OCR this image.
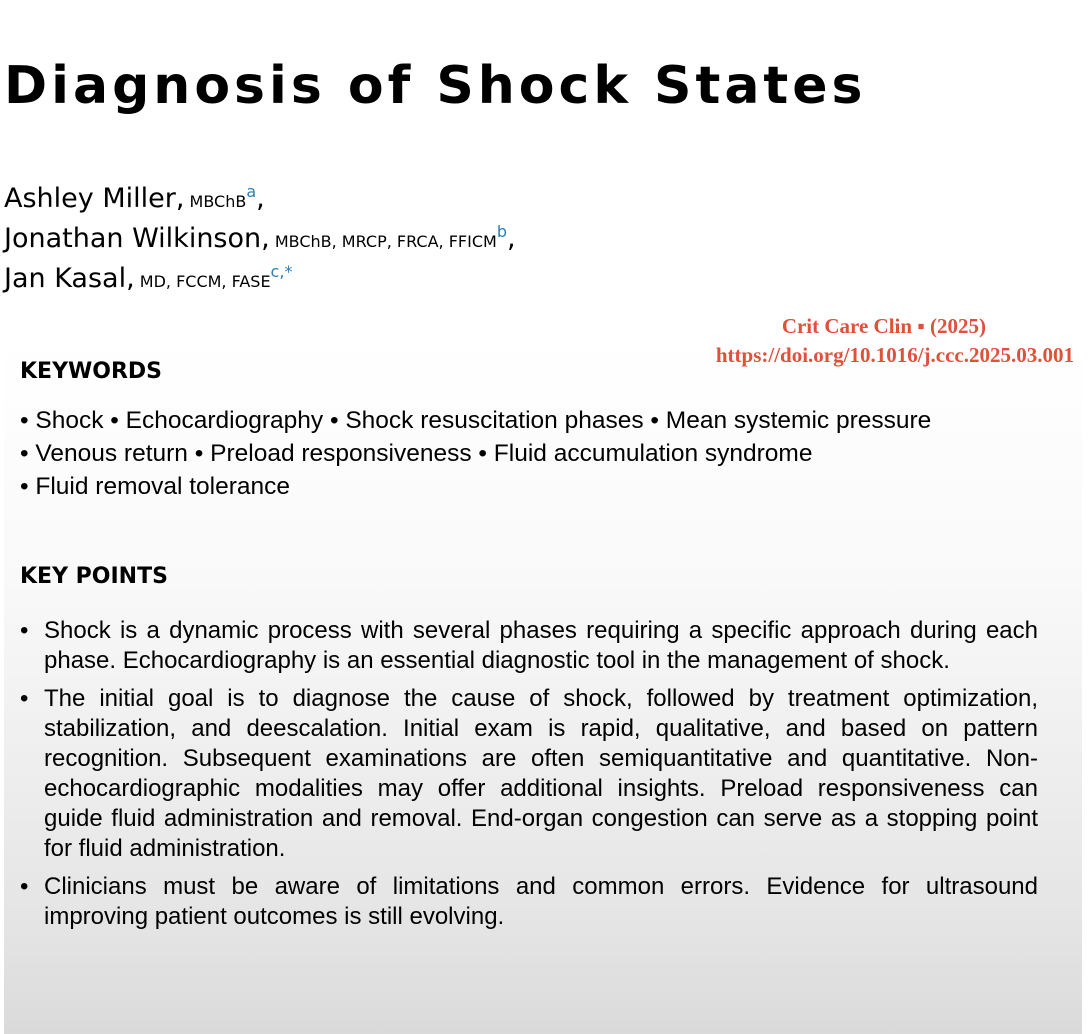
Diagnosis of Shock States
Ashley Miller, MBChB$^a$,
Jonathan Wilkinson, MBChB, MRCP, FRCA, FFICM$^b$,
Jan Kasal, MD, FCCM, $FASE^{c,*}$
Crit Care Clin ▪ (2025)
https://doi.org/10.1016/j.ccc.2025.03.001
KEYWORDS
• Shock • Echocardiography • Shock resuscitation phases • Mean systemic pressure
• Venous return • Preload responsiveness • Fluid accumulation syndrome
• Fluid removal tolerance
KEY POINTS
• Shock is a dynamic process with several phases requiring a specific approach during each phase. Echocardiography is an essential diagnostic tool in the management of shock.
• The initial goal is to diagnose the cause of shock, followed by treatment optimization, stabilization, and deescalation. Initial exam is rapid, qualitative, and based on pattern recognition. Subsequent examinations are often semiquantitative and quantitative. Non-echocardiographic modalities may offer additional insights. Preload responsiveness can guide fluid administration and removal. End-organ congestion can serve as a stopping point for fluid administration.
• Clinicians must be aware of limitations and common errors. Evidence for ultrasound improving patient outcomes is still evolving.
